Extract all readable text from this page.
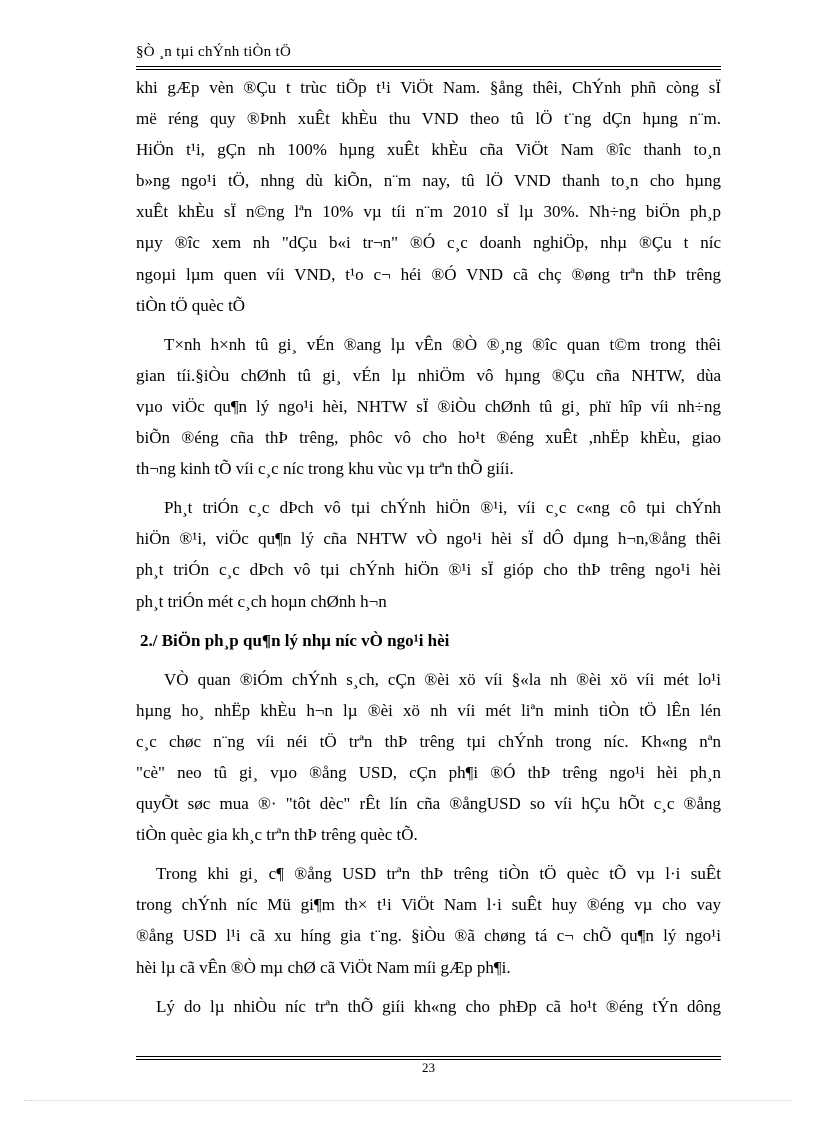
§Ò ¸n tµi chÝnh tiÒn tÖ
khi gÆp vèn ®Çu t trùc tiÕp t¹i ViÖt Nam. §ång thêi, ChÝnh phñ còng sÏ
më réng quy ®Þnh xuÊt khÈu thu VND theo tû lÖ t¨ng dÇn hµng n¨m.
HiÖn t¹i, gÇn nh 100% hµng xuÊt khÈu cña ViÖt Nam ®îc thanh to¸n
b»ng ngo¹i tÖ, nhng dù kiÕn, n¨m nay, tû lÖ VND thanh to¸n cho hµng
xuÊt khÈu sÏ n©ng lªn 10% vµ tíi n¨m 2010 sÏ lµ 30%. Nh÷ng biÖn ph¸p
nµy ®îc xem nh "dÇu b«i tr¬n" ®Ó c¸c doanh nghiÖp, nhµ ®Çu t níc
ngoµi lµm quen víi VND, t¹o c¬ héi ®Ó VND cã chç ®øng trªn thÞ trêng
tiÒn tÖ quèc tÕ
T×nh h×nh tû gi¸ vÉn ®ang lµ vÊn ®Ò ®¸ng ®îc quan t©m trong thêi
gian tíi.§iÒu chØnh tû gi¸ vÉn lµ nhiÖm vô hµng ®Çu cña NHTW, dùa
vµo viÖc qu¶n lý ngo¹i hèi, NHTW sÏ ®iÒu chØnh tû gi¸ phï hîp víi nh÷ng
biÕn ®éng cña thÞ trêng, phôc vô cho ho¹t ®éng xuÊt ,nhËp khÈu, giao
th¬ng kinh tÕ víi c¸c níc trong khu vùc vµ trªn thÕ giíi.
Ph¸t triÓn c¸c dÞch vô tµi chÝnh hiÖn ®¹i, víi c¸c c«ng cô tµi chÝnh
hiÖn ®¹i, viÖc qu¶n lý cña NHTW vÒ ngo¹i hèi sÏ dÔ dµng h¬n,®ång thêi
ph¸t triÓn c¸c dÞch vô tµi chÝnh hiÖn ®¹i sÏ gióp cho thÞ trêng ngo¹i hèi
ph¸t triÓn mét c¸ch hoµn chØnh h¬n
2./ BiÖn ph¸p qu¶n lý nhµ níc vÒ ngo¹i hèi
VÒ quan ®iÓm chÝnh s¸ch, cÇn ®èi xö víi §«la nh ®èi xö víi mét lo¹i
hµng ho¸ nhËp khÈu h¬n lµ ®èi xö nh víi mét liªn minh tiÒn tÖ lÊn lén
c¸c chøc n¨ng víi néi tÖ trªn thÞ trêng tµi chÝnh trong níc. Kh«ng nªn
"cè" neo tû gi¸ vµo ®ång USD, cÇn ph¶i ®Ó thÞ trêng ngo¹i hèi ph¸n
quyÕt søc mua ®· "tôt dèc" rÊt lín cña ®ångUSD so víi hÇu hÕt c¸c ®ång
tiÒn quèc gia kh¸c trªn thÞ trêng quèc tÕ.
Trong khi gi¸ c¶ ®ång USD trªn thÞ trêng tiÒn tÖ quèc tÕ vµ l·i suÊt
trong chÝnh níc Mü gi¶m th× t¹i ViÖt Nam l·i suÊt huy ®éng vµ cho vay
®ång USD l¹i cã xu híng gia t¨ng. §iÒu ®ã chøng tá c¬ chÕ qu¶n lý ngo¹i
hèi lµ cã vÊn ®Ò mµ chØ cã ViÖt Nam míi gÆp ph¶i.
Lý do lµ nhiÒu níc trªn thÕ giíi kh«ng cho phÐp cã ho¹t ®éng tÝn dông
23
